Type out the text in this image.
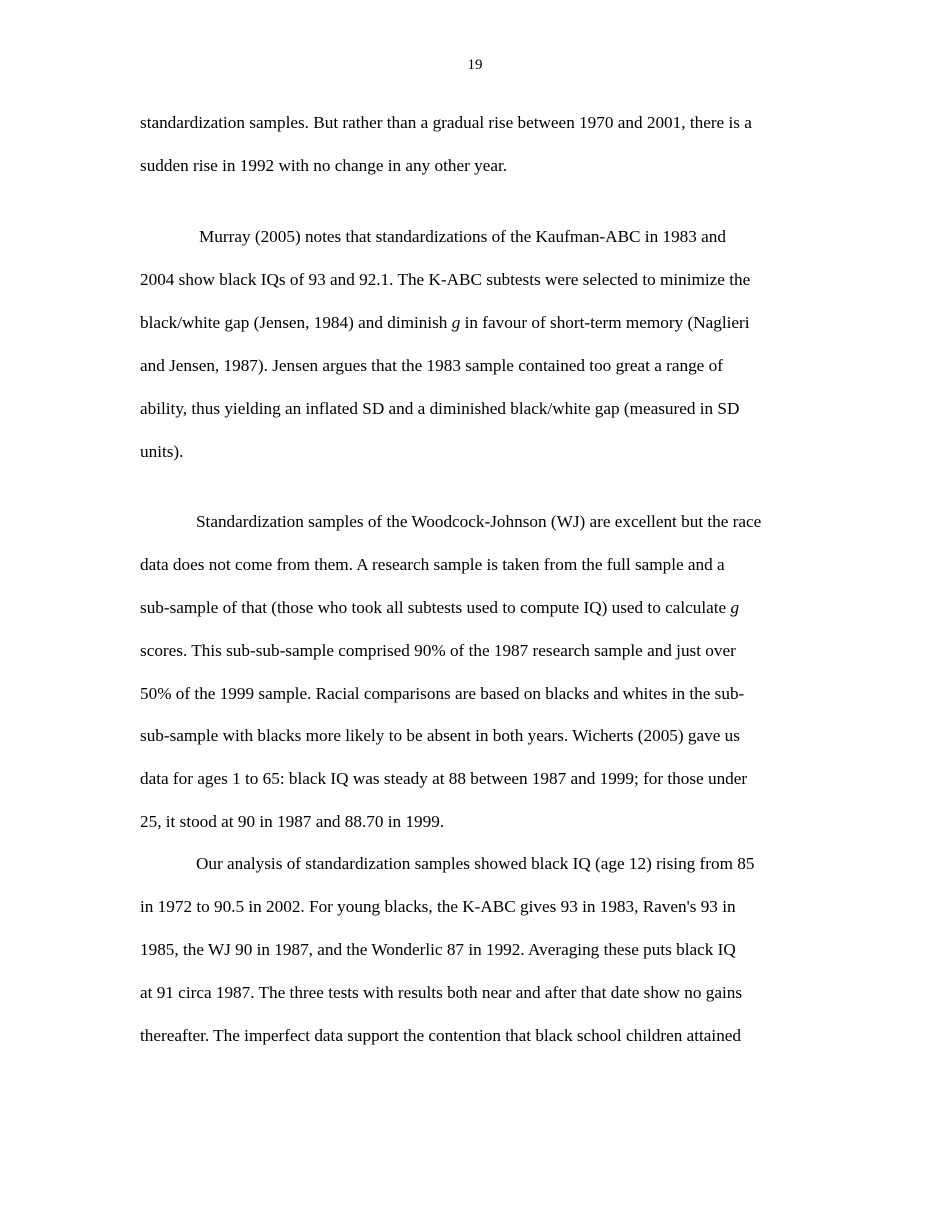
19
standardization samples. But rather than a gradual rise between 1970 and 2001, there is a
sudden rise in 1992 with no change in any other year.
Murray (2005) notes that standardizations of the Kaufman-ABC in 1983 and
2004 show black IQs of 93 and 92.1. The K-ABC subtests were selected to minimize the
black/white gap (Jensen, 1984) and diminish g in favour of short-term memory (Naglieri
and Jensen, 1987). Jensen argues that the 1983 sample contained too great a range of
ability, thus yielding an inflated SD and a diminished black/white gap (measured in SD
units).
Standardization samples of the Woodcock-Johnson (WJ) are excellent but the race
data does not come from them. A research sample is taken from the full sample and a
sub-sample of that (those who took all subtests used to compute IQ) used to calculate g
scores. This sub-sub-sample comprised 90% of the 1987 research sample and just over
50% of the 1999 sample. Racial comparisons are based on blacks and whites in the sub-
sub-sample with blacks more likely to be absent in both years. Wicherts (2005) gave us
data for ages 1 to 65: black IQ was steady at 88 between 1987 and 1999; for those under
25, it stood at 90 in 1987 and 88.70 in 1999.
Our analysis of standardization samples showed black IQ (age 12) rising from 85
in 1972 to 90.5 in 2002. For young blacks, the K-ABC gives 93 in 1983, Raven's 93 in
1985, the WJ 90 in 1987, and the Wonderlic 87 in 1992. Averaging these puts black IQ
at 91 circa 1987. The three tests with results both near and after that date show no gains
thereafter. The imperfect data support the contention that black school children attained
